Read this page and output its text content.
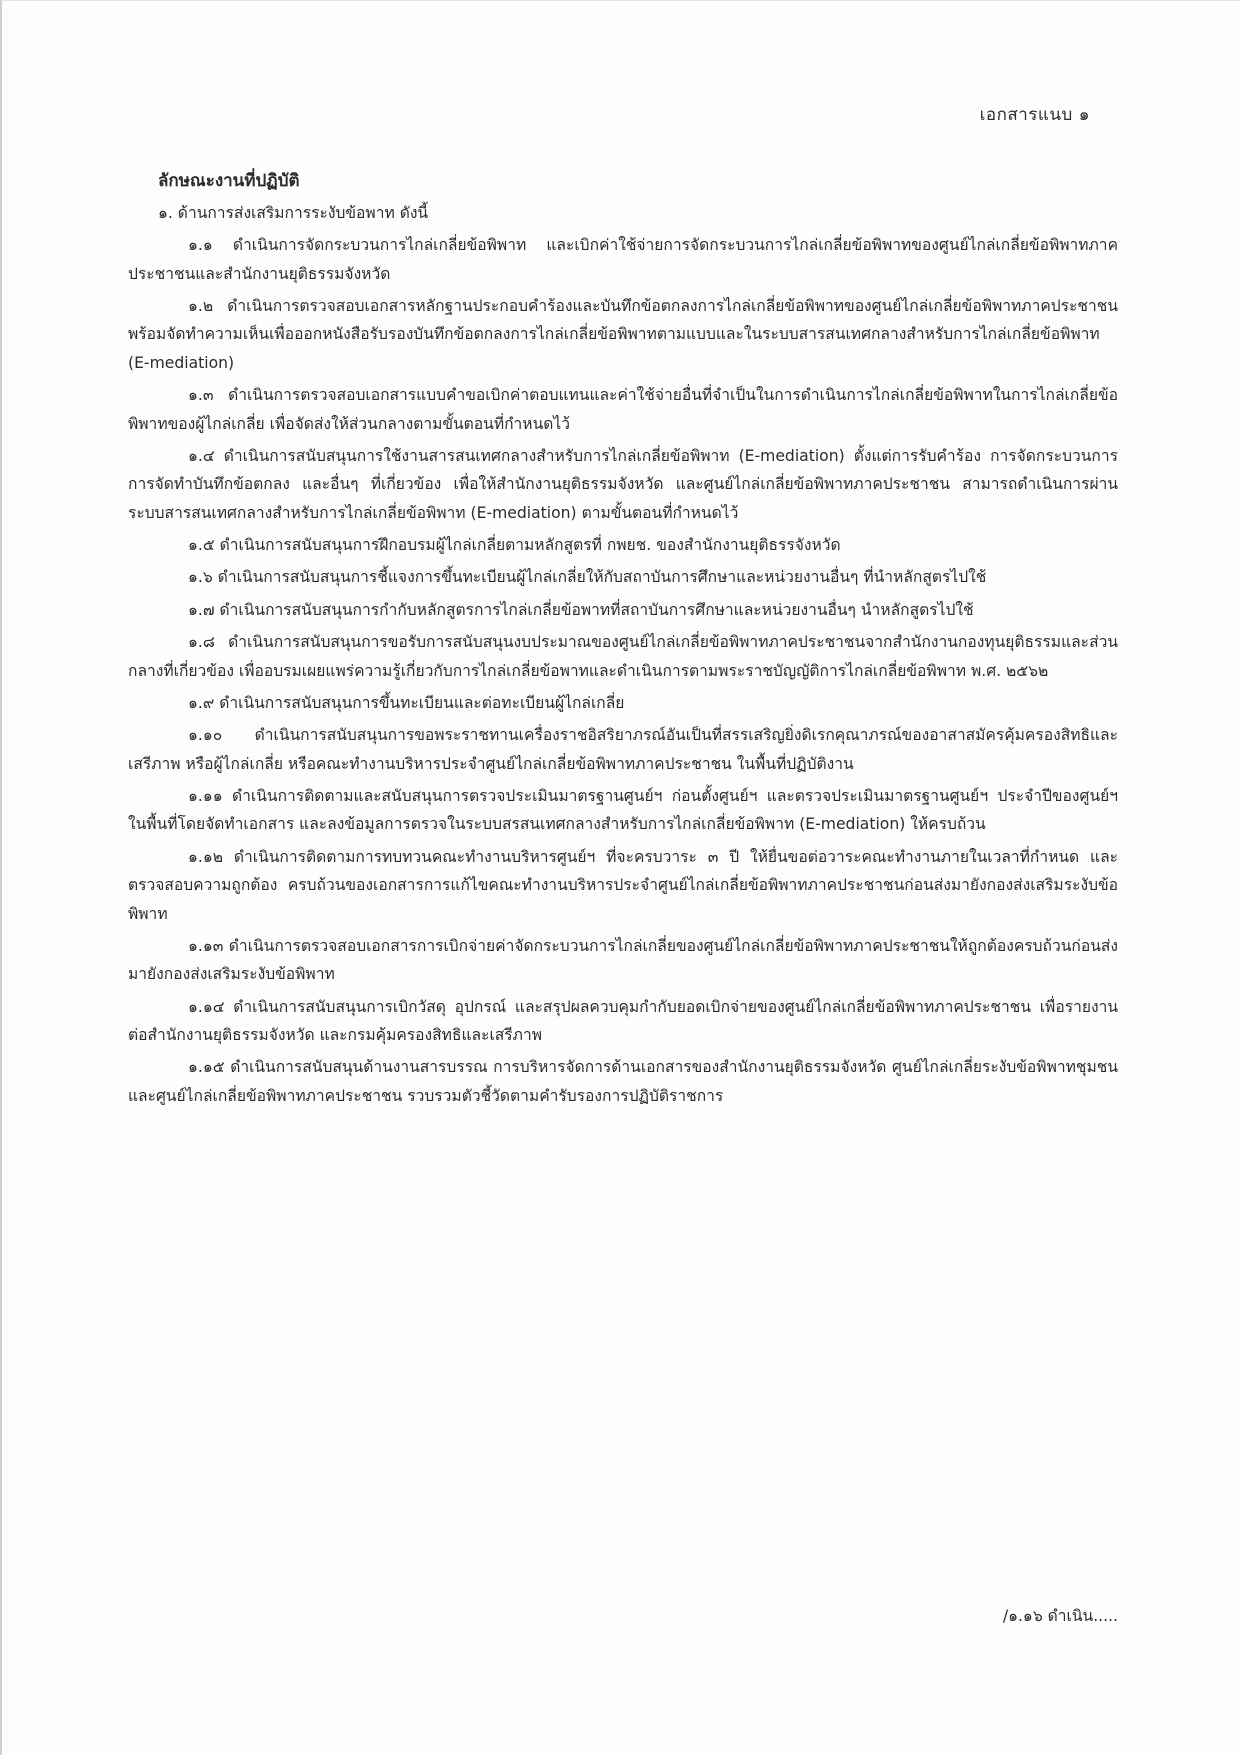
เอกสารแนบ ๑
ลักษณะงานที่ปฏิบัติ
๑. ด้านการส่งเสริมการระงับข้อพาท ดังนี้
๑.๑ ดำเนินการจัดกระบวนการไกล่เกลี่ยข้อพิพาท และเบิกค่าใช้จ่ายการจัดกระบวนการไกล่เกลี่ยข้อพิพาทของศูนย์ไกล่เกลี่ยข้อพิพาทภาคประชาชนและสำนักงานยุติธรรมจังหวัด
๑.๒ ดำเนินการตรวจสอบเอกสารหลักฐานประกอบคำร้องและบันทึกข้อตกลงการไกล่เกลี่ยข้อพิพาทของศูนย์ไกล่เกลี่ยข้อพิพาทภาคประชาชน พร้อมจัดทำความเห็นเพื่อออกหนังสือรับรองบันทึกข้อตกลงการไกล่เกลี่ยข้อพิพาทตามแบบและในระบบสารสนเทศกลางสำหรับการไกล่เกลี่ยข้อพิพาท (E-mediation)
๑.๓ ดำเนินการตรวจสอบเอกสารแบบคำขอเบิกค่าตอบแทนและค่าใช้จ่ายอื่นที่จำเป็นในการดำเนินการไกล่เกลี่ยข้อพิพาทในการไกล่เกลี่ยข้อพิพาทของผู้ไกล่เกลี่ย เพื่อจัดส่งให้ส่วนกลางตามขั้นตอนที่กำหนดไว้
๑.๔ ดำเนินการสนับสนุนการใช้งานสารสนเทศกลางสำหรับการไกล่เกลี่ยข้อพิพาท (E-mediation) ตั้งแต่การรับคำร้อง การจัดกระบวนการ การจัดทำบันทึกข้อตกลง และอื่นๆ ที่เกี่ยวข้อง เพื่อให้สำนักงานยุติธรรมจังหวัด และศูนย์ไกล่เกลี่ยข้อพิพาทภาคประชาชน สามารถดำเนินการผ่านระบบสารสนเทศกลางสำหรับการไกล่เกลี่ยข้อพิพาท (E-mediation) ตามขั้นตอนที่กำหนดไว้
๑.๕ ดำเนินการสนับสนุนการฝึกอบรมผู้ไกล่เกลี่ยตามหลักสูตรที่ กพยช. ของสำนักงานยุติธรรจังหวัด
๑.๖ ดำเนินการสนับสนุนการชี้แจงการขึ้นทะเบียนผู้ไกล่เกลี่ยให้กับสถาบันการศึกษาและหน่วยงานอื่นๆ ที่นำหลักสูตรไปใช้
๑.๗ ดำเนินการสนับสนุนการกำกับหลักสูตรการไกล่เกลี่ยข้อพาทที่สถาบันการศึกษาและหน่วยงานอื่นๆ นำหลักสูตรไปใช้
๑.๘ ดำเนินการสนับสนุนการขอรับการสนับสนุนงบประมาณของศูนย์ไกล่เกลี่ยข้อพิพาทภาคประชาชนจากสำนักงานกองทุนยุติธรรมและส่วนกลางที่เกี่ยวข้อง เพื่ออบรมเผยแพร่ความรู้เกี่ยวกับการไกล่เกลี่ยข้อพาทและดำเนินการตามพระราชบัญญัติการไกล่เกลี่ยข้อพิพาท พ.ศ. ๒๕๖๒
๑.๙ ดำเนินการสนับสนุนการขึ้นทะเบียนและต่อทะเบียนผู้ไกล่เกลี่ย
๑.๑๐ ดำเนินการสนับสนุนการขอพระราชทานเครื่องราชอิสริยาภรณ์อันเป็นที่สรรเสริญยิ่งดิเรกคุณาภรณ์ของอาสาสมัครคุ้มครองสิทธิและเสรีภาพ หรือผู้ไกล่เกลี่ย หรือคณะทำงานบริหารประจำศูนย์ไกล่เกลี่ยข้อพิพาทภาคประชาชน ในพื้นที่ปฏิบัติงาน
๑.๑๑ ดำเนินการติดตามและสนับสนุนการตรวจประเมินมาตรฐานศูนย์ฯ ก่อนตั้งศูนย์ฯ และตรวจประเมินมาตรฐานศูนย์ฯ ประจำปีของศูนย์ฯ ในพื้นที่โดยจัดทำเอกสาร และลงข้อมูลการตรวจในระบบสรสนเทศกลางสำหรับการไกล่เกลี่ยข้อพิพาท (E-mediation) ให้ครบถ้วน
๑.๑๒ ดำเนินการติดตามการทบทวนคณะทำงานบริหารศูนย์ฯ ที่จะครบวาระ ๓ ปี ให้ยื่นขอต่อวาระคณะทำงานภายในเวลาที่กำหนด และตรวจสอบความถูกต้อง ครบถ้วนของเอกสารการแก้ไขคณะทำงานบริหารประจำศูนย์ไกล่เกลี่ยข้อพิพาทภาคประชาชนก่อนส่งมายังกองส่งเสริมระงับข้อพิพาท
๑.๑๓ ดำเนินการตรวจสอบเอกสารการเบิกจ่ายค่าจัดกระบวนการไกล่เกลี่ยของศูนย์ไกล่เกลี่ยข้อพิพาทภาคประชาชนให้ถูกต้องครบถ้วนก่อนส่งมายังกองส่งเสริมระงับข้อพิพาท
๑.๑๔ ดำเนินการสนับสนุนการเบิกวัสดุ อุปกรณ์ และสรุปผลควบคุมกำกับยอดเบิกจ่ายของศูนย์ไกล่เกลี่ยข้อพิพาทภาคประชาชน เพื่อรายงานต่อสำนักงานยุติธรรมจังหวัด และกรมคุ้มครองสิทธิและเสรีภาพ
๑.๑๕ ดำเนินการสนับสนุนด้านงานสารบรรณ การบริหารจัดการด้านเอกสารของสำนักงานยุติธรรมจังหวัด ศูนย์ไกล่เกลี่ยระงับข้อพิพาทชุมชน และศูนย์ไกล่เกลี่ยข้อพิพาทภาคประชาชน รวบรวมตัวชี้วัดตามคำรับรองการปฏิบัติราชการ
/๑.๑๖ ดำเนิน.....
